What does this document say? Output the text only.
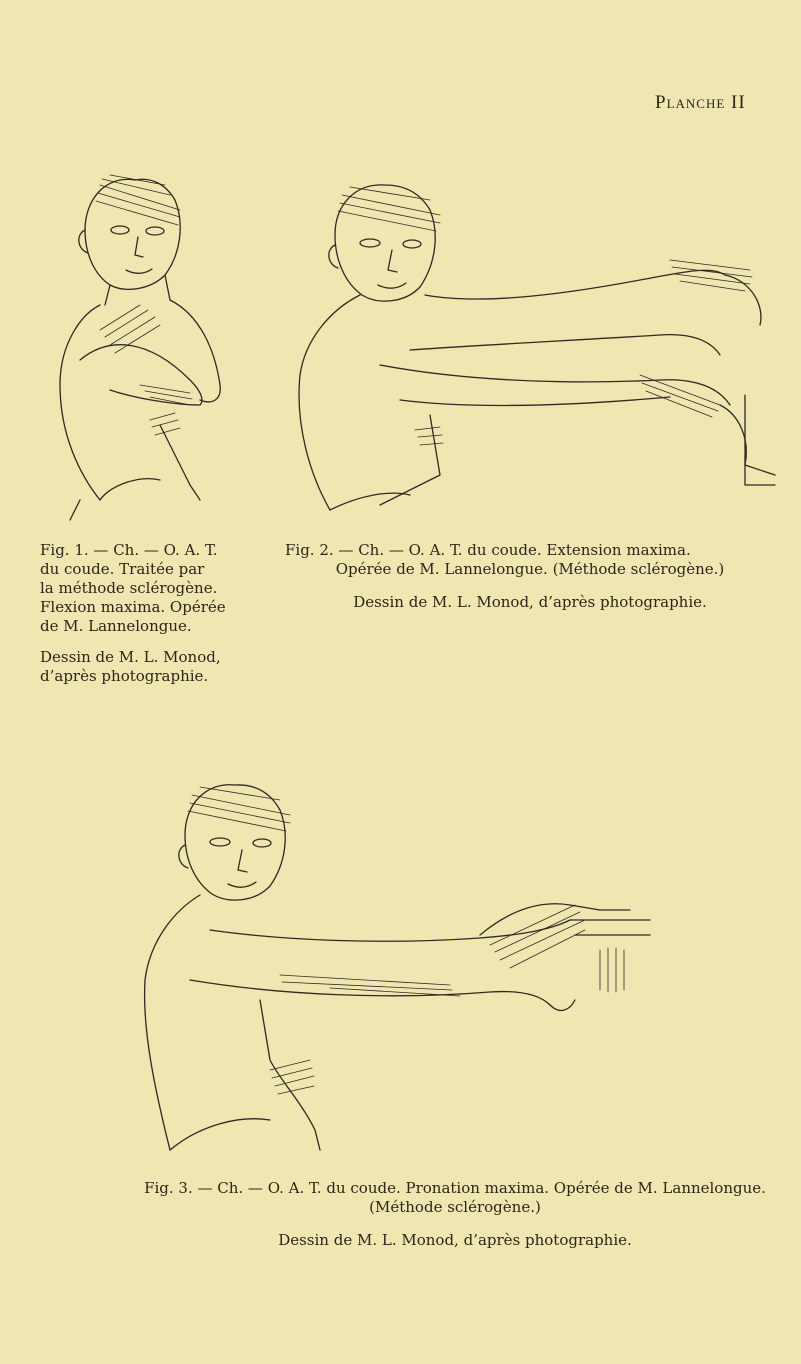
Planche II

Fig. 1. — Ch. — O. A. T.

du coude. Traitée par

la méthode sclérogène.

Flexion maxima. Opérée

de M. Lannelongue.

Dessin de M. L. Monod,

d’après photographie.

Fig. 2. — Ch. — O. A. T. du coude. Extension maxima.

Opérée de M. Lannelongue. (Méthode sclérogène.)

Dessin de M. L. Monod, d’après photographie.

Fig. 3. — Ch. — O. A. T. du coude. Pronation maxima. Opérée de M. Lannelongue.

(Méthode sclérogène.)

Dessin de M. L. Monod, d’après photographie.
